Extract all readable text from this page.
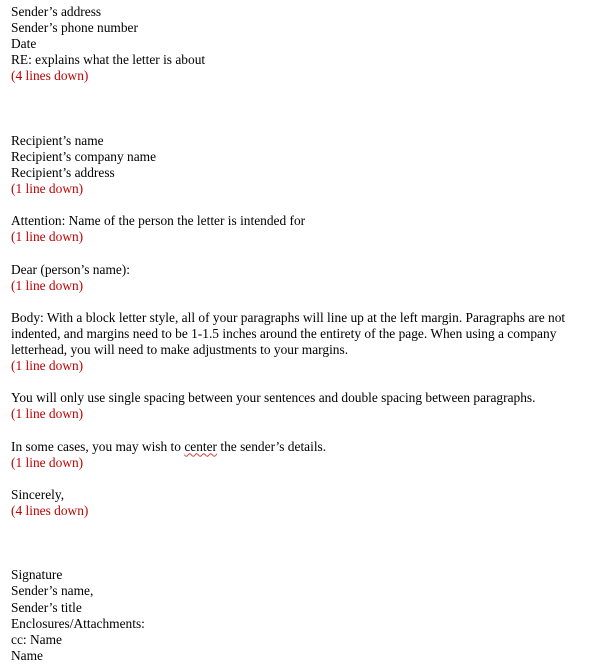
Sender’s address
Sender’s phone number
Date
RE: explains what the letter is about
(4 lines down)
Recipient’s name
Recipient’s company name
Recipient’s address
(1 line down)
Attention: Name of the person the letter is intended for
(1 line down)
Dear (person’s name):
(1 line down)
Body: With a block letter style, all of your paragraphs will line up at the left margin. Paragraphs are not indented, and margins need to be 1-1.5 inches around the entirety of the page. When using a company letterhead, you will need to make adjustments to your margins.
(1 line down)
You will only use single spacing between your sentences and double spacing between paragraphs.
(1 line down)
In some cases, you may wish to center the sender’s details.
(1 line down)
Sincerely,
(4 lines down)
Signature
Sender’s name,
Sender’s title
Enclosures/Attachments:
cc: Name
Name
